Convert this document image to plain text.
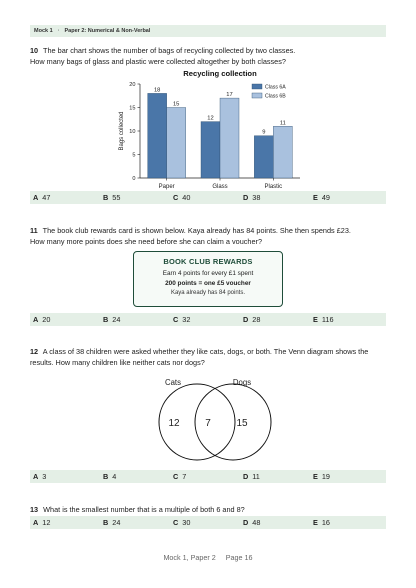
Mock 1 · Paper 2: Numerical & Non-Verbal
10 The bar chart shows the number of bags of recycling collected by two classes.
How many bags of glass and plastic were collected altogether by both classes?
Recycling collection
Bags collected
0
5
10
15
20
Paper
18
15
Glass
12
17
Plastic
9
11
Class 6A
Class 6B
A 47	B 55	C 40	D 38	E 49
11 The book club rewards card is shown below. Kaya already has 84 points. She then spends £23.
How many more points does she need before she can claim a voucher?
BOOK CLUB REWARDS
Earn 4 points for every £1 spent
200 points = one £5 voucher
Kaya already has 84 points.
A 20	B 24	C 32	D 28	E 116
12 A class of 38 children were asked whether they like cats, dogs, or both. The Venn diagram shows the
results. How many children like neither cats nor dogs?
Cats	Dogs
12	7	15
A 3	B 4	C 7	D 11	E 19
13 What is the smallest number that is a multiple of both 6 and 8?
A 12	B 24	C 30	D 48	E 16
Mock 1, Paper 2     Page 16
